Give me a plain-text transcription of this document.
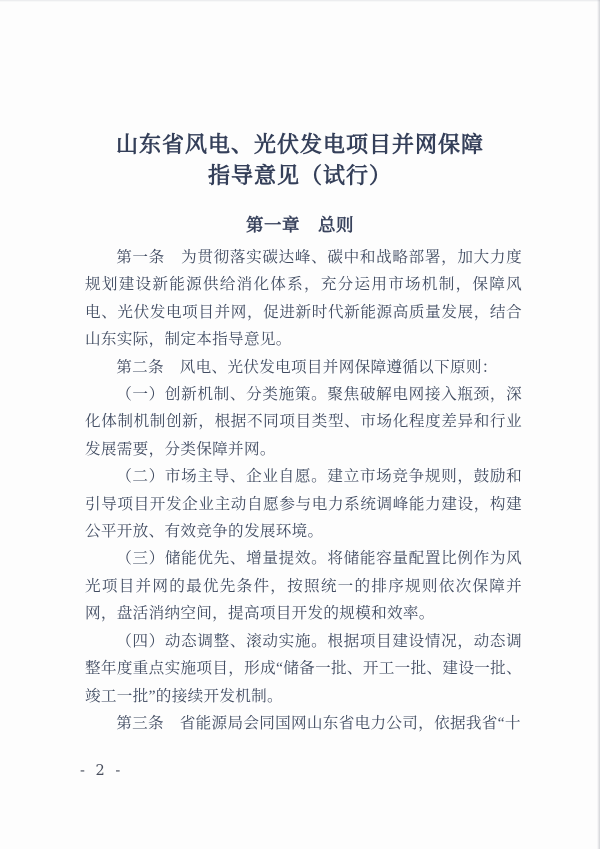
山东省风电、光伏发电项目并网保障
指导意见（试行）
第一章　总则

第一条　为贯彻落实碳达峰、碳中和战略部署，加大力度规划建设新能源供给消化体系，充分运用市场机制，保障风电、光伏发电项目并网，促进新时代新能源高质量发展，结合山东实际，制定本指导意见。

第二条　风电、光伏发电项目并网保障遵循以下原则：

（一）创新机制、分类施策。聚焦破解电网接入瓶颈，深化体制机制创新，根据不同项目类型、市场化程度差异和行业发展需要，分类保障并网。

（二）市场主导、企业自愿。建立市场竞争规则，鼓励和引导项目开发企业主动自愿参与电力系统调峰能力建设，构建公平开放、有效竞争的发展环境。

（三）储能优先、增量提效。将储能容量配置比例作为风光项目并网的最优先条件，按照统一的排序规则依次保障并网，盘活消纳空间，提高项目开发的规模和效率。

（四）动态调整、滚动实施。根据项目建设情况，动态调整年度重点实施项目，形成“储备一批、开工一批、建设一批、竣工一批”的接续开发机制。

第三条　省能源局会同国网山东省电力公司，依据我省“十

- 2 -
